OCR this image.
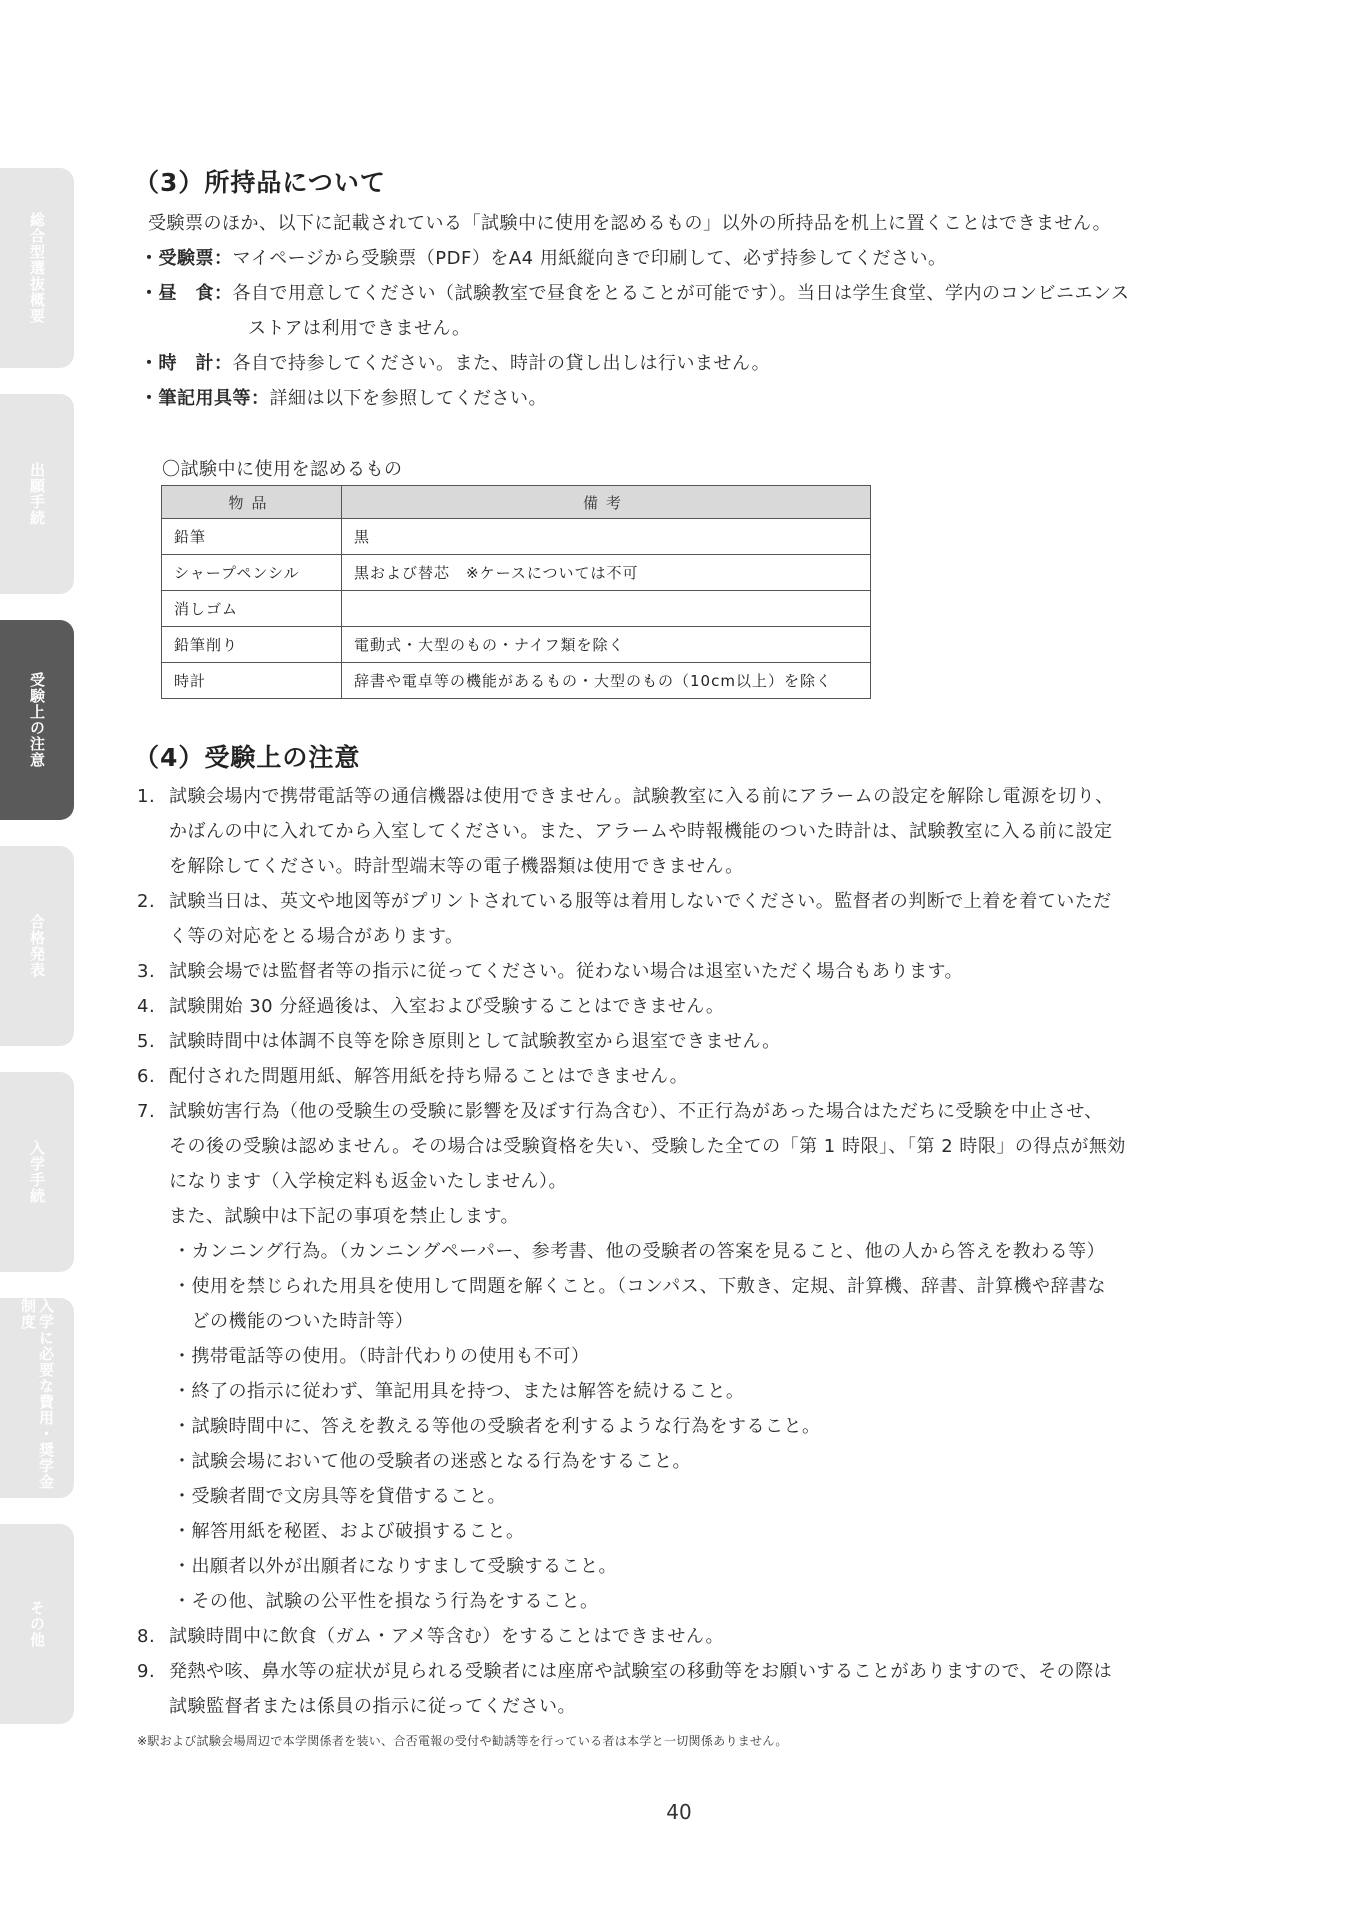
総合型選抜概要
出願手続
受験上の注意
合格発表
入学手続
入学に必要な費用・奨学金制度
その他
（3）所持品について
受験票のほか、以下に記載されている「試験中に使用を認めるもの」以外の所持品を机上に置くことはできません。
・受験票：マイページから受験票（PDF）をA4 用紙縦向きで印刷して、必ず持参してください。
・昼　食：各自で用意してください（試験教室で昼食をとることが可能です）。当日は学生食堂、学内のコンビニエンス
ストアは利用できません。
・時　計：各自で持参してください。また、時計の貸し出しは行いません。
・筆記用具等：詳細は以下を参照してください。
〇試験中に使用を認めるもの
物品	備考
鉛筆	黒
シャープペンシル	黒および替芯　※ケースについては不可
消しゴム	
鉛筆削り	電動式・大型のもの・ナイフ類を除く
時計	辞書や電卓等の機能があるもの・大型のもの（10cm以上）を除く
（4）受験上の注意
1. 試験会場内で携帯電話等の通信機器は使用できません。試験教室に入る前にアラームの設定を解除し電源を切り、
かばんの中に入れてから入室してください。また、アラームや時報機能のついた時計は、試験教室に入る前に設定
を解除してください。時計型端末等の電子機器類は使用できません。
2. 試験当日は、英文や地図等がプリントされている服等は着用しないでください。監督者の判断で上着を着ていただ
く等の対応をとる場合があります。
3. 試験会場では監督者等の指示に従ってください。従わない場合は退室いただく場合もあります。
4. 試験開始 30 分経過後は、入室および受験することはできません。
5. 試験時間中は体調不良等を除き原則として試験教室から退室できません。
6. 配付された問題用紙、解答用紙を持ち帰ることはできません。
7. 試験妨害行為（他の受験生の受験に影響を及ぼす行為含む）、不正行為があった場合はただちに受験を中止させ、
その後の受験は認めません。その場合は受験資格を失い、受験した全ての「第 1 時限」、「第 2 時限」の得点が無効
になります（入学検定料も返金いたしません）。
また、試験中は下記の事項を禁止します。
・カンニング行為。（カンニングペーパー、参考書、他の受験者の答案を見ること、他の人から答えを教わる等）
・使用を禁じられた用具を使用して問題を解くこと。（コンパス、下敷き、定規、計算機、辞書、計算機や辞書な
　どの機能のついた時計等）
・携帯電話等の使用。（時計代わりの使用も不可）
・終了の指示に従わず、筆記用具を持つ、または解答を続けること。
・試験時間中に、答えを教える等他の受験者を利するような行為をすること。
・試験会場において他の受験者の迷惑となる行為をすること。
・受験者間で文房具等を貸借すること。
・解答用紙を秘匿、および破損すること。
・出願者以外が出願者になりすまして受験すること。
・その他、試験の公平性を損なう行為をすること。
8. 試験時間中に飲食（ガム・アメ等含む）をすることはできません。
9. 発熱や咳、鼻水等の症状が見られる受験者には座席や試験室の移動等をお願いすることがありますので、その際は
試験監督者または係員の指示に従ってください。
※駅および試験会場周辺で本学関係者を装い、合否電報の受付や勧誘等を行っている者は本学と一切関係ありません。
40
